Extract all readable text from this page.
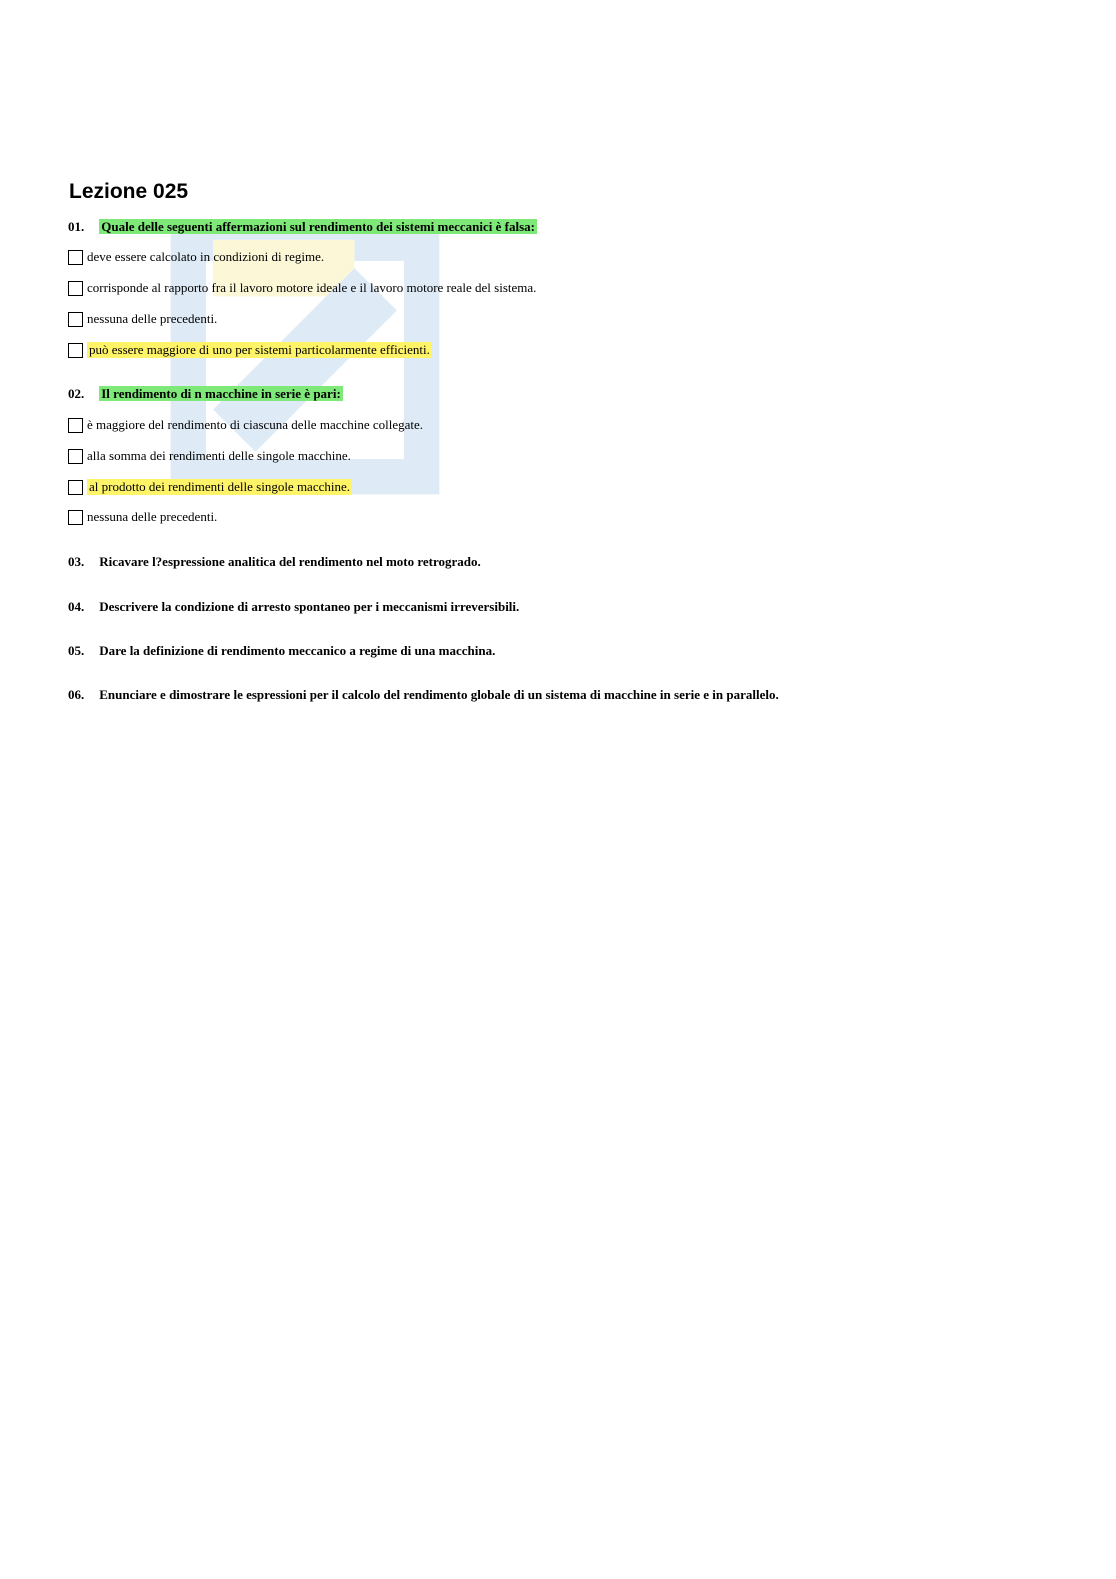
Lezione 025
01. Quale delle seguenti affermazioni sul rendimento dei sistemi meccanici è falsa:
deve essere calcolato in condizioni di regime.
corrisponde al rapporto fra il lavoro motore ideale e il lavoro motore reale del sistema.
nessuna delle precedenti.
può essere maggiore di uno per sistemi particolarmente efficienti.
02. Il rendimento di n macchine in serie è pari:
è maggiore del rendimento di ciascuna delle macchine collegate.
alla somma dei rendimenti delle singole macchine.
al prodotto dei rendimenti delle singole macchine.
nessuna delle precedenti.
03. Ricavare l?espressione analitica del rendimento nel moto retrogrado.
04. Descrivere la condizione di arresto spontaneo per i meccanismi irreversibili.
05. Dare la definizione di rendimento meccanico a regime di una macchina.
06. Enunciare e dimostrare le espressioni per il calcolo del rendimento globale di un sistema di macchine in serie e in parallelo.
